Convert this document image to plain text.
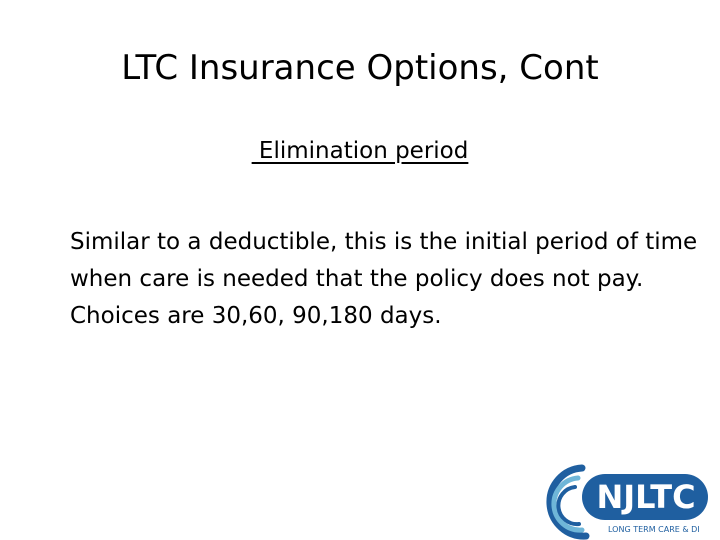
LTC Insurance Options, Cont
Elimination period

Similar to a deductible, this is the initial period of time when care is needed that the policy does not pay. Choices are 30,60, 90,180 days.

NJLTC
LONG TERM CARE & DI
